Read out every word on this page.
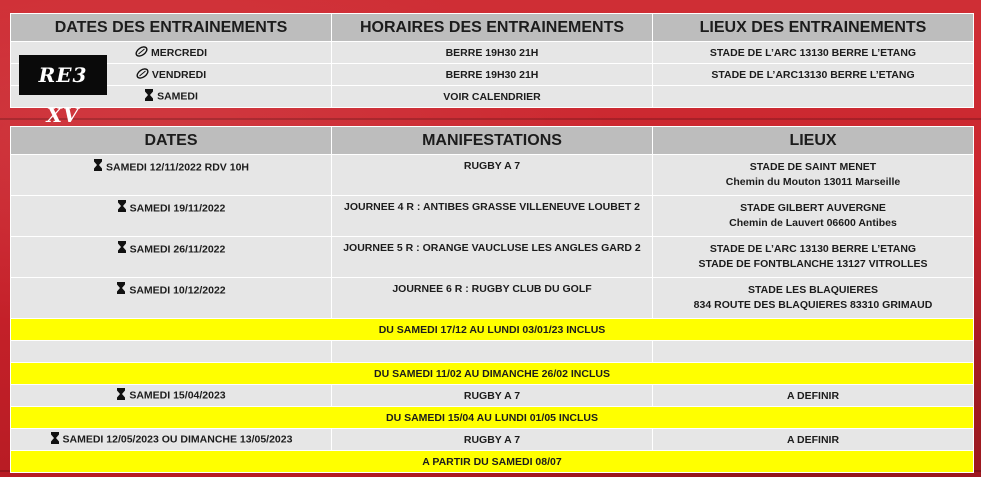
DATES DES ENTRAINEMENTS	HORAIRES DES ENTRAINEMENTS	LIEUX DES ENTRAINEMENTS
MERCREDI	BERRE 19H30 21H	STADE DE L’ARC 13130 BERRE L’ETANG
VENDREDI	BERRE 19H30 21H	STADE DE L’ARC13130 BERRE L’ETANG
SAMEDI	VOIR CALENDRIER	
RE3 XV
DATES	MANIFESTATIONS	LIEUX
SAMEDI 12/11/2022 RDV 10H	RUGBY A 7	STADE DE SAINT MENET
Chemin du Mouton 13011 Marseille

SAMEDI 19/11/2022	JOURNEE 4 R : ANTIBES GRASSE VILLENEUVE LOUBET 2	STADE GILBERT AUVERGNE
Chemin de Lauvert 06600 Antibes

SAMEDI 26/11/2022	JOURNEE 5 R : ORANGE VAUCLUSE LES ANGLES GARD 2	STADE DE L’ARC 13130 BERRE L’ETANG
STADE DE FONTBLANCHE 13127 VITROLLES

SAMEDI 10/12/2022	JOURNEE 6 R : RUGBY CLUB DU GOLF	STADE LES BLAQUIERES
834 ROUTE DES BLAQUIERES 83310 GRIMAUD

DU SAMEDI 17/12 AU LUNDI 03/01/23 INCLUS		

DU SAMEDI 11/02 AU DIMANCHE 26/02 INCLUS		
SAMEDI 15/04/2023	RUGBY A 7	A DEFINIR
DU SAMEDI 15/04 AU LUNDI 01/05 INCLUS		
SAMEDI 12/05/2023 OU DIMANCHE 13/05/2023	RUGBY A 7	A DEFINIR
A PARTIR DU SAMEDI 08/07		
